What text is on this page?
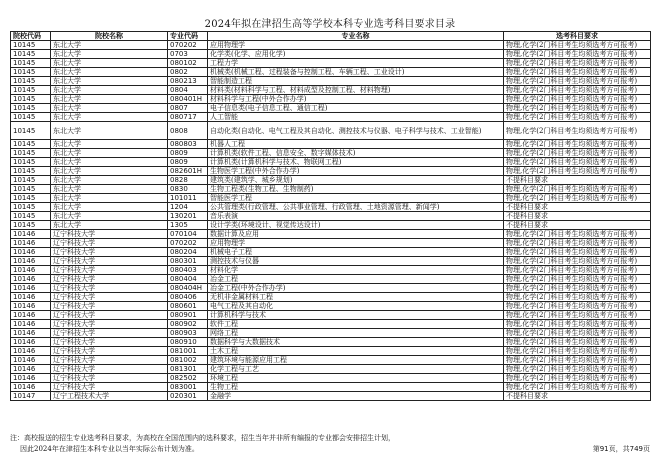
2024年拟在津招生高等学校本科专业选考科目要求目录
院校代码	院校名称	专业代码	专业名称	选考科目要求
10145	东北大学	070202	应用物理学	物理,化学(2门科目考生均须选考方可报考)
10145	东北大学	0703	化学类(化学、应用化学)	物理,化学(2门科目考生均须选考方可报考)
10145	东北大学	080102	工程力学	物理,化学(2门科目考生均须选考方可报考)
10145	东北大学	0802	机械类(机械工程、过程装备与控制工程、车辆工程、工业设计)	物理,化学(2门科目考生均须选考方可报考)
10145	东北大学	080213	智能制造工程	物理,化学(2门科目考生均须选考方可报考)
10145	东北大学	0804	材料类(材料科学与工程、材料成型及控制工程、材料物理)	物理,化学(2门科目考生均须选考方可报考)
10145	东北大学	080401H	材料科学与工程(中外合作办学)	物理,化学(2门科目考生均须选考方可报考)
10145	东北大学	0807	电子信息类(电子信息工程、通信工程)	物理,化学(2门科目考生均须选考方可报考)
10145	东北大学	080717	人工智能	物理,化学(2门科目考生均须选考方可报考)
10145	东北大学	0808	自动化类(自动化、电气工程及其自动化、测控技术与仪器、电子科学与技术、工业智能)	物理,化学(2门科目考生均须选考方可报考)
10145	东北大学	080803	机器人工程	物理,化学(2门科目考生均须选考方可报考)
10145	东北大学	0809	计算机类(软件工程、信息安全、数字媒体技术)	物理,化学(2门科目考生均须选考方可报考)
10145	东北大学	0809	计算机类(计算机科学与技术、物联网工程)	物理,化学(2门科目考生均须选考方可报考)
10145	东北大学	082601H	生物医学工程(中外合作办学)	物理,化学(2门科目考生均须选考方可报考)
10145	东北大学	0828	建筑类(建筑学、城乡规划)	不提科目要求
10145	东北大学	0830	生物工程类(生物工程、生物制药)	物理,化学(2门科目考生均须选考方可报考)
10145	东北大学	101011	智能医学工程	物理,化学(2门科目考生均须选考方可报考)
10145	东北大学	1204	公共管理类(行政管理、公共事业管理、行政管理、土地资源管理、新闻学)	不提科目要求
10145	东北大学	130201	音乐表演	不提科目要求
10145	东北大学	1305	设计学类(环境设计、视觉传达设计)	不提科目要求
10146	辽宁科技大学	070104	数据计算及应用	物理,化学(2门科目考生均须选考方可报考)
10146	辽宁科技大学	070202	应用物理学	物理,化学(2门科目考生均须选考方可报考)
10146	辽宁科技大学	080204	机械电子工程	物理,化学(2门科目考生均须选考方可报考)
10146	辽宁科技大学	080301	测控技术与仪器	物理,化学(2门科目考生均须选考方可报考)
10146	辽宁科技大学	080403	材料化学	物理,化学(2门科目考生均须选考方可报考)
10146	辽宁科技大学	080404	冶金工程	物理,化学(2门科目考生均须选考方可报考)
10146	辽宁科技大学	080404H	冶金工程(中外合作办学)	物理,化学(2门科目考生均须选考方可报考)
10146	辽宁科技大学	080406	无机非金属材料工程	物理,化学(2门科目考生均须选考方可报考)
10146	辽宁科技大学	080601	电气工程及其自动化	物理,化学(2门科目考生均须选考方可报考)
10146	辽宁科技大学	080901	计算机科学与技术	物理,化学(2门科目考生均须选考方可报考)
10146	辽宁科技大学	080902	软件工程	物理,化学(2门科目考生均须选考方可报考)
10146	辽宁科技大学	080903	网络工程	物理,化学(2门科目考生均须选考方可报考)
10146	辽宁科技大学	080910	数据科学与大数据技术	物理,化学(2门科目考生均须选考方可报考)
10146	辽宁科技大学	081001	土木工程	物理,化学(2门科目考生均须选考方可报考)
10146	辽宁科技大学	081002	建筑环境与能源应用工程	物理,化学(2门科目考生均须选考方可报考)
10146	辽宁科技大学	081301	化学工程与工艺	物理,化学(2门科目考生均须选考方可报考)
10146	辽宁科技大学	082502	环境工程	物理,化学(2门科目考生均须选考方可报考)
10146	辽宁科技大学	083001	生物工程	物理,化学(2门科目考生均须选考方可报考)
10147	辽宁工程技术大学	020301	金融学	不提科目要求
注：高校报送的招生专业选考科目要求，为高校在全国范围内的选科要求，招生当年并非所有编报的专业都会安排招生计划，
因此2024年在津招生本科专业以当年实际公布计划为准。	第91页，共749页
